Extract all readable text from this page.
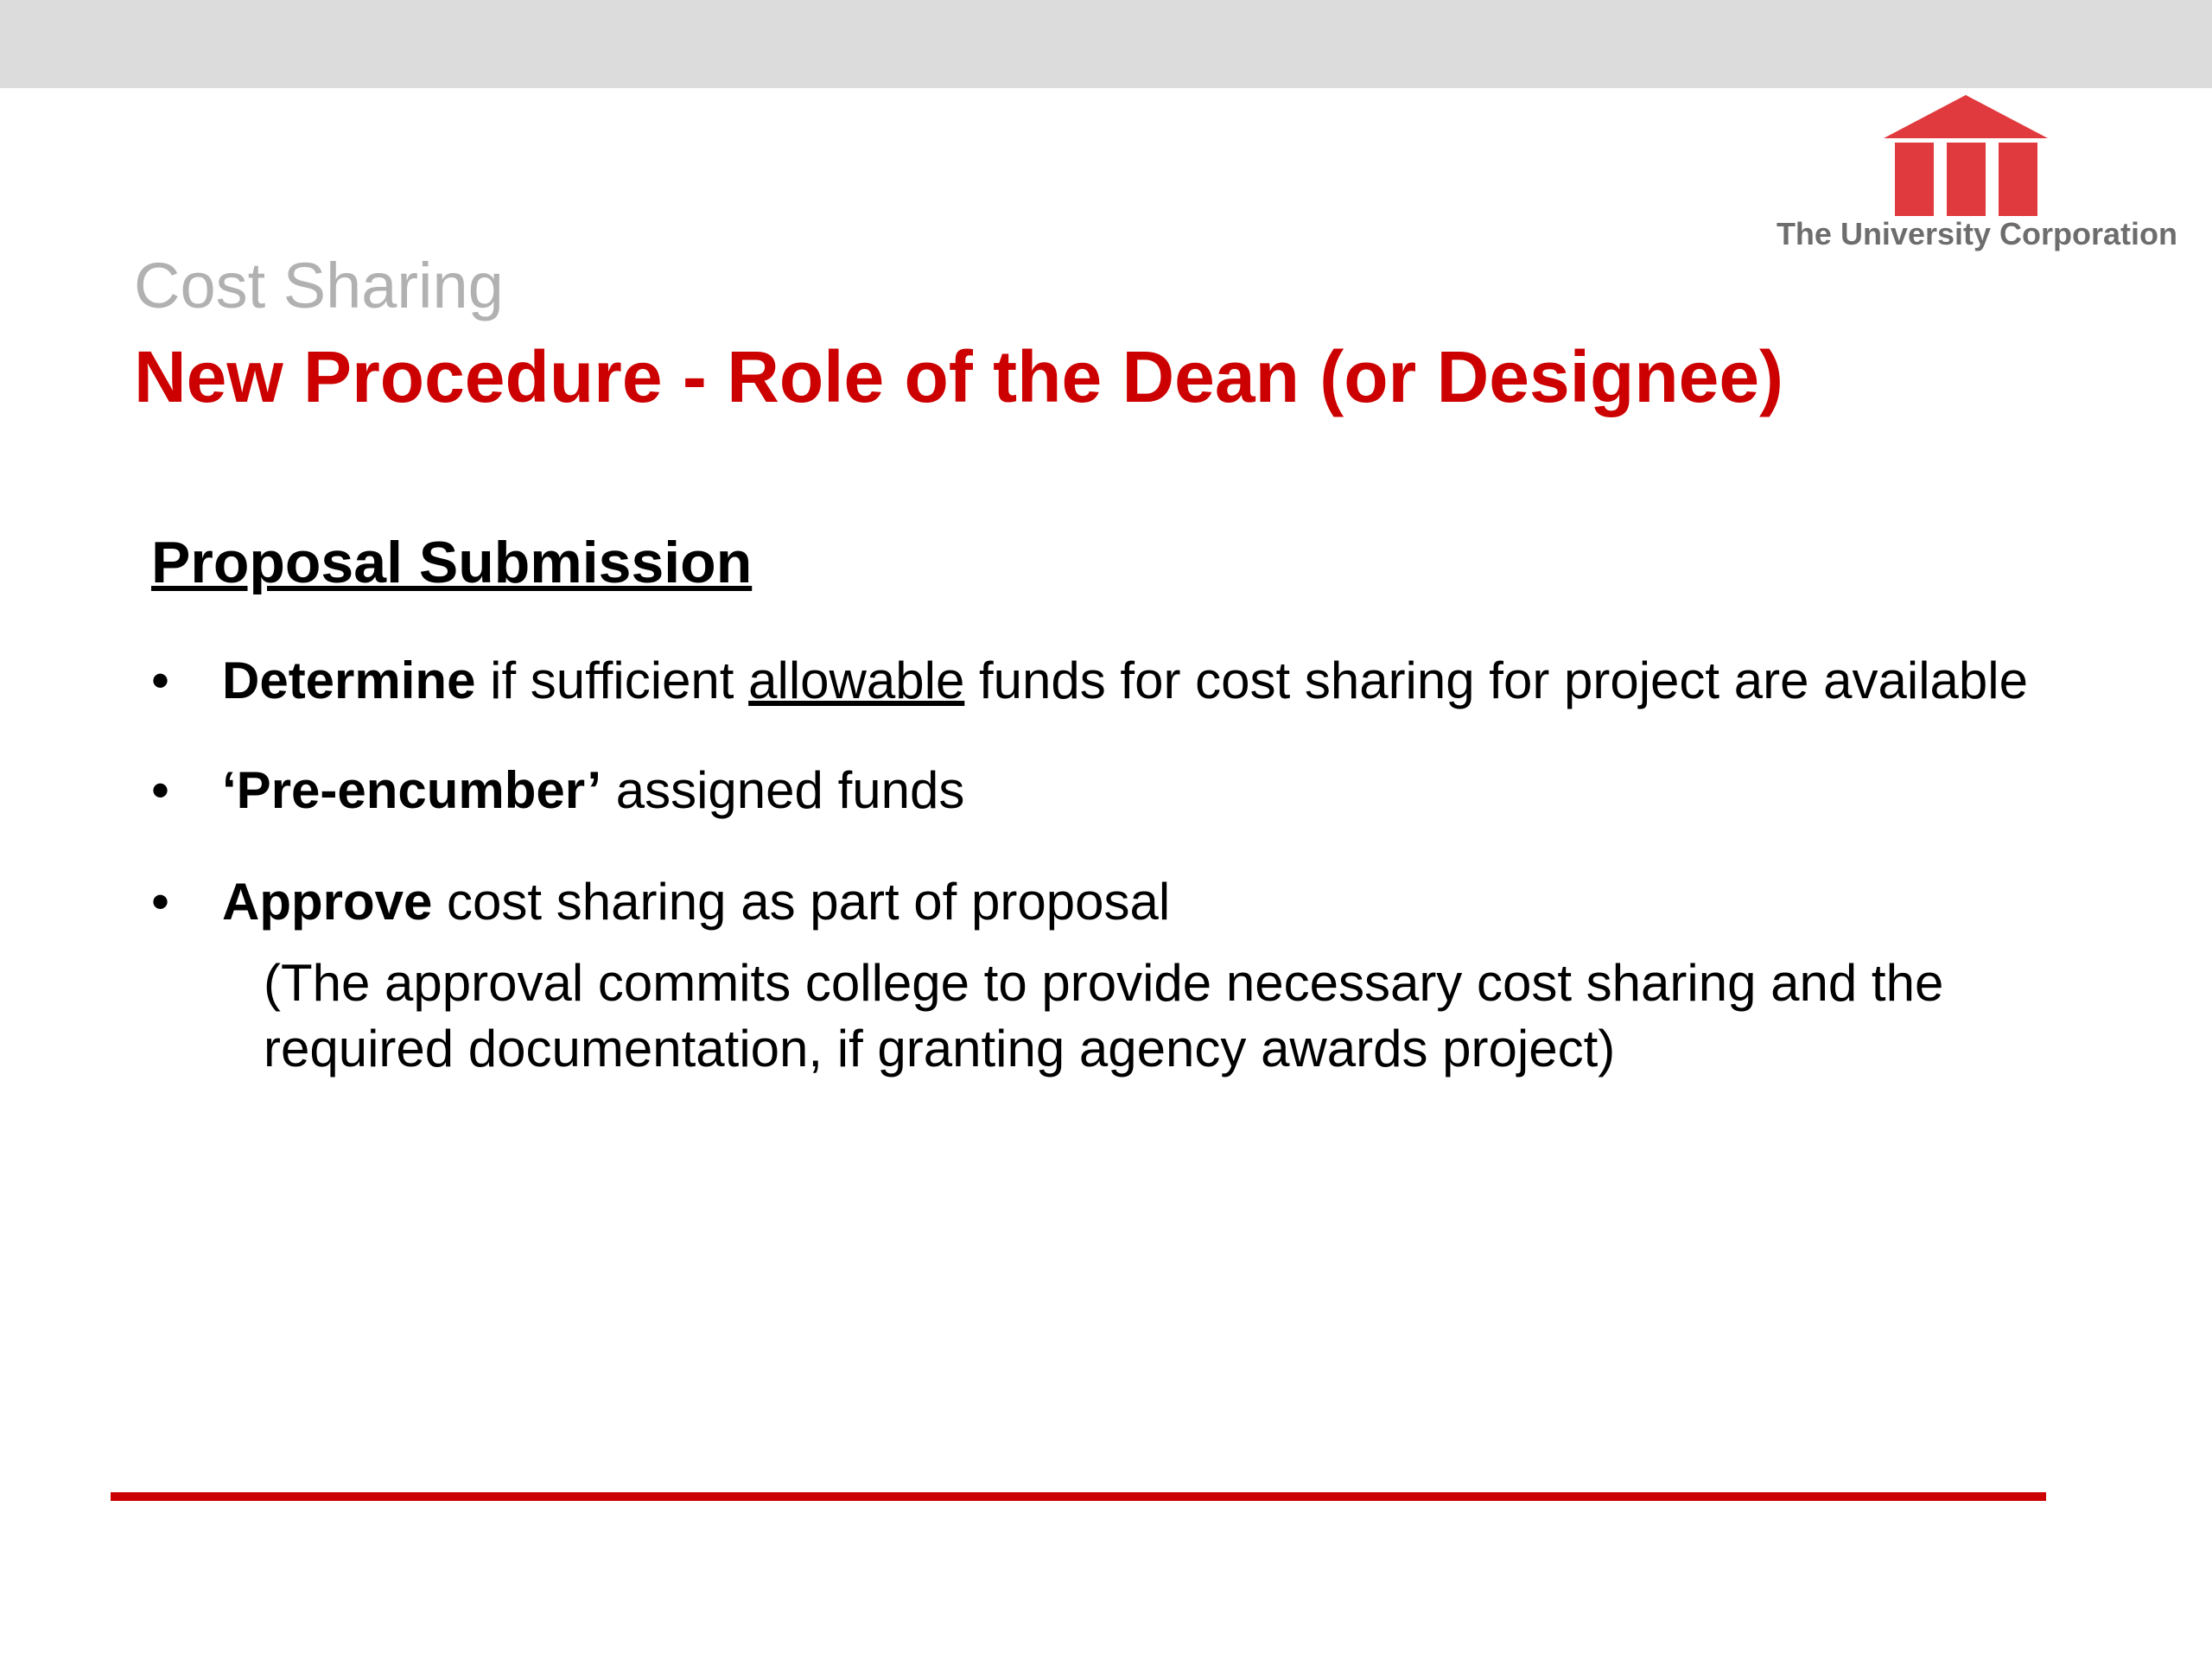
The University Corporation
Cost Sharing
New Procedure - Role of the Dean (or Designee)
Proposal Submission
•	Determine if sufficient allowable funds for cost sharing for project are available
•	‘Pre-encumber’ assigned funds
•	Approve cost sharing as part of proposal
(The approval commits college to provide necessary cost sharing and the required documentation, if granting agency awards project)
